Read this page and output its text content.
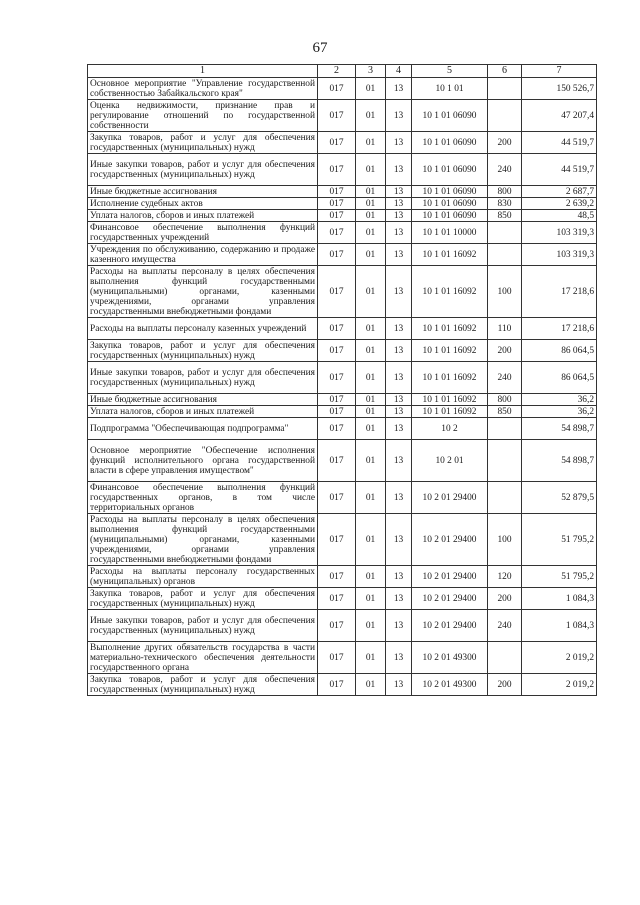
67
1	2	3	4	5	6	7
Основное мероприятие "Управление государственной собственностью Забайкальского края"	017	01	13	10 1 01		150 526,7
Оценка недвижимости, признание прав и регулирование отношений по государственной собственности	017	01	13	10 1 01 06090		47 207,4
Закупка товаров, работ и услуг для обеспечения государственных (муниципальных) нужд	017	01	13	10 1 01 06090	200	44 519,7
Иные закупки товаров, работ и услуг для обеспечения государственных (муниципальных) нужд	017	01	13	10 1 01 06090	240	44 519,7
Иные бюджетные ассигнования	017	01	13	10 1 01 06090	800	2 687,7
Исполнение судебных актов	017	01	13	10 1 01 06090	830	2 639,2
Уплата налогов, сборов и иных платежей	017	01	13	10 1 01 06090	850	48,5
Финансовое обеспечение выполнения функций государственных учреждений	017	01	13	10 1 01 10000		103 319,3
Учреждения по обслуживанию, содержанию и продаже казенного имущества	017	01	13	10 1 01 16092		103 319,3
Расходы на выплаты персоналу в целях обеспечения выполнения функций государственными (муниципальными) органами, казенными учреждениями, органами управления государственными внебюджетными фондами	017	01	13	10 1 01 16092	100	17 218,6
Расходы на выплаты персоналу казенных учреждений	017	01	13	10 1 01 16092	110	17 218,6
Закупка товаров, работ и услуг для обеспечения государственных (муниципальных) нужд	017	01	13	10 1 01 16092	200	86 064,5
Иные закупки товаров, работ и услуг для обеспечения государственных (муниципальных) нужд	017	01	13	10 1 01 16092	240	86 064,5
Иные бюджетные ассигнования	017	01	13	10 1 01 16092	800	36,2
Уплата налогов, сборов и иных платежей	017	01	13	10 1 01 16092	850	36,2
Подпрограмма "Обеспечивающая подпрограмма"	017	01	13	10 2		54 898,7
Основное мероприятие "Обеспечение исполнения функций исполнительного органа государственной власти в сфере управления имуществом"	017	01	13	10 2 01		54 898,7
Финансовое обеспечение выполнения функций государственных органов, в том числе территориальных органов	017	01	13	10 2 01 29400		52 879,5
Расходы на выплаты персоналу в целях обеспечения выполнения функций государственными (муниципальными) органами, казенными учреждениями, органами управления государственными внебюджетными фондами	017	01	13	10 2 01 29400	100	51 795,2
Расходы на выплаты персоналу государственных (муниципальных) органов	017	01	13	10 2 01 29400	120	51 795,2
Закупка товаров, работ и услуг для обеспечения государственных (муниципальных) нужд	017	01	13	10 2 01 29400	200	1 084,3
Иные закупки товаров, работ и услуг для обеспечения государственных (муниципальных) нужд	017	01	13	10 2 01 29400	240	1 084,3
Выполнение других обязательств государства в части материально-технического обеспечения деятельности государственного органа	017	01	13	10 2 01 49300		2 019,2
Закупка товаров, работ и услуг для обеспечения государственных (муниципальных) нужд	017	01	13	10 2 01 49300	200	2 019,2
